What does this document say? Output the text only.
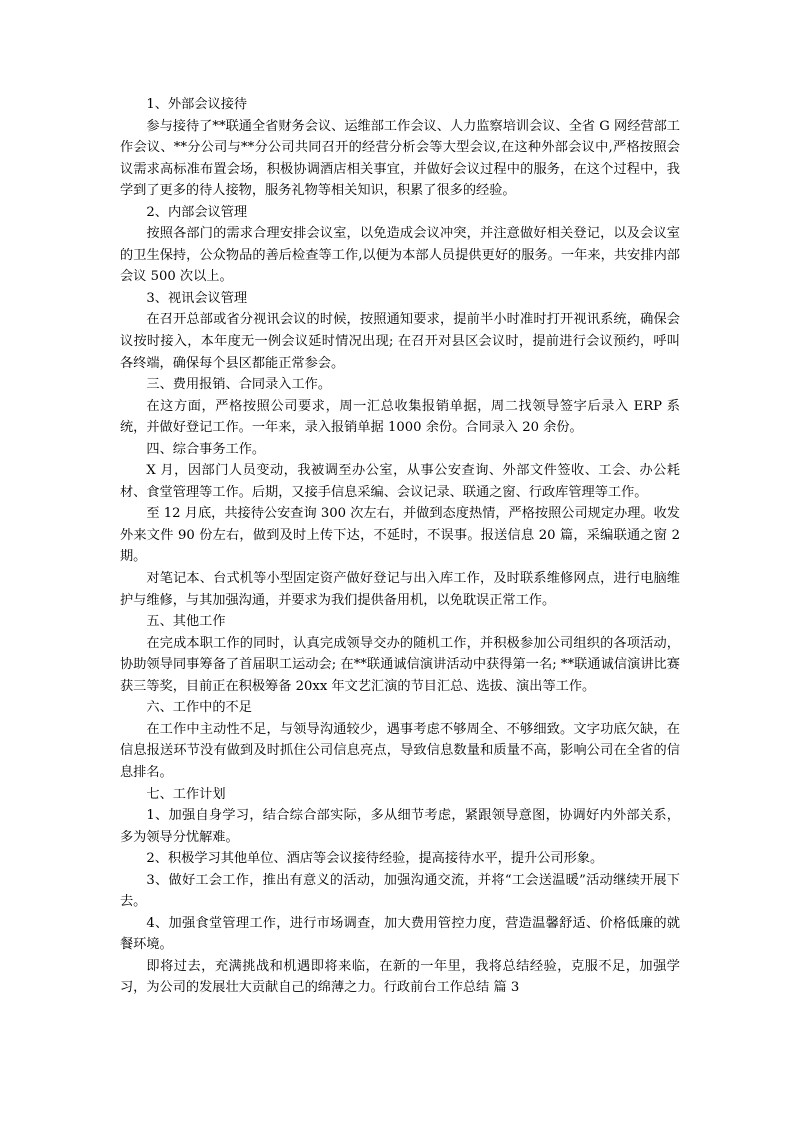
1、外部会议接待

参与接待了**联通全省财务会议、运维部工作会议、人力监察培训会议、全省 G 网经营部工作会议、**分公司与**分公司共同召开的经营分析会等大型会议,在这种外部会议中,严格按照会议需求高标准布置会场，积极协调酒店相关事宜，并做好会议过程中的服务，在这个过程中，我学到了更多的待人接物，服务礼物等相关知识，积累了很多的经验。

2、内部会议管理

按照各部门的需求合理安排会议室，以免造成会议冲突，并注意做好相关登记，以及会议室的卫生保持，公众物品的善后检查等工作,以便为本部人员提供更好的服务。一年来，共安排内部会议 500 次以上。

3、视讯会议管理

在召开总部或省分视讯会议的时候，按照通知要求，提前半小时准时打开视讯系统，确保会议按时接入，本年度无一例会议延时情况出现; 在召开对县区会议时，提前进行会议预约，呼叫各终端，确保每个县区都能正常参会。

三、费用报销、合同录入工作。

在这方面，严格按照公司要求，周一汇总收集报销单据，周二找领导签字后录入 ERP 系统，并做好登记工作。一年来，录入报销单据 1000 余份。合同录入 20 余份。

四、综合事务工作。

X 月，因部门人员变动，我被调至办公室，从事公安查询、外部文件签收、工会、办公耗材、食堂管理等工作。后期，又接手信息采编、会议记录、联通之窗、行政库管理等工作。

至 12 月底，共接待公安查询 300 次左右，并做到态度热情，严格按照公司规定办理。收发外来文件 90 份左右，做到及时上传下达，不延时，不误事。报送信息 20 篇，采编联通之窗 2 期。

对笔记本、台式机等小型固定资产做好登记与出入库工作，及时联系维修网点，进行电脑维护与维修，与其加强沟通，并要求为我们提供备用机，以免耽误正常工作。

五、其他工作

在完成本职工作的同时，认真完成领导交办的随机工作，并积极参加公司组织的各项活动，协助领导同事筹备了首届职工运动会; 在**联通诚信演讲活动中获得第一名; **联通诚信演讲比赛获三等奖，目前正在积极筹备 20xx 年文艺汇演的节目汇总、选拔、演出等工作。

六、工作中的不足

在工作中主动性不足，与领导沟通较少，遇事考虑不够周全、不够细致。文字功底欠缺，在信息报送环节没有做到及时抓住公司信息亮点，导致信息数量和质量不高，影响公司在全省的信息排名。

七、工作计划

1、加强自身学习，结合综合部实际，多从细节考虑，紧跟领导意图，协调好内外部关系，多为领导分忧解难。

2、积极学习其他单位、酒店等会议接待经验，提高接待水平，提升公司形象。

3、做好工会工作，推出有意义的活动，加强沟通交流，并将“工会送温暖”活动继续开展下去。

4、加强食堂管理工作，进行市场调查，加大费用管控力度，营造温馨舒适、价格低廉的就餐环境。

即将过去，充满挑战和机遇即将来临，在新的一年里，我将总结经验，克服不足，加强学习，为公司的发展壮大贡献自己的绵薄之力。行政前台工作总结 篇 3
